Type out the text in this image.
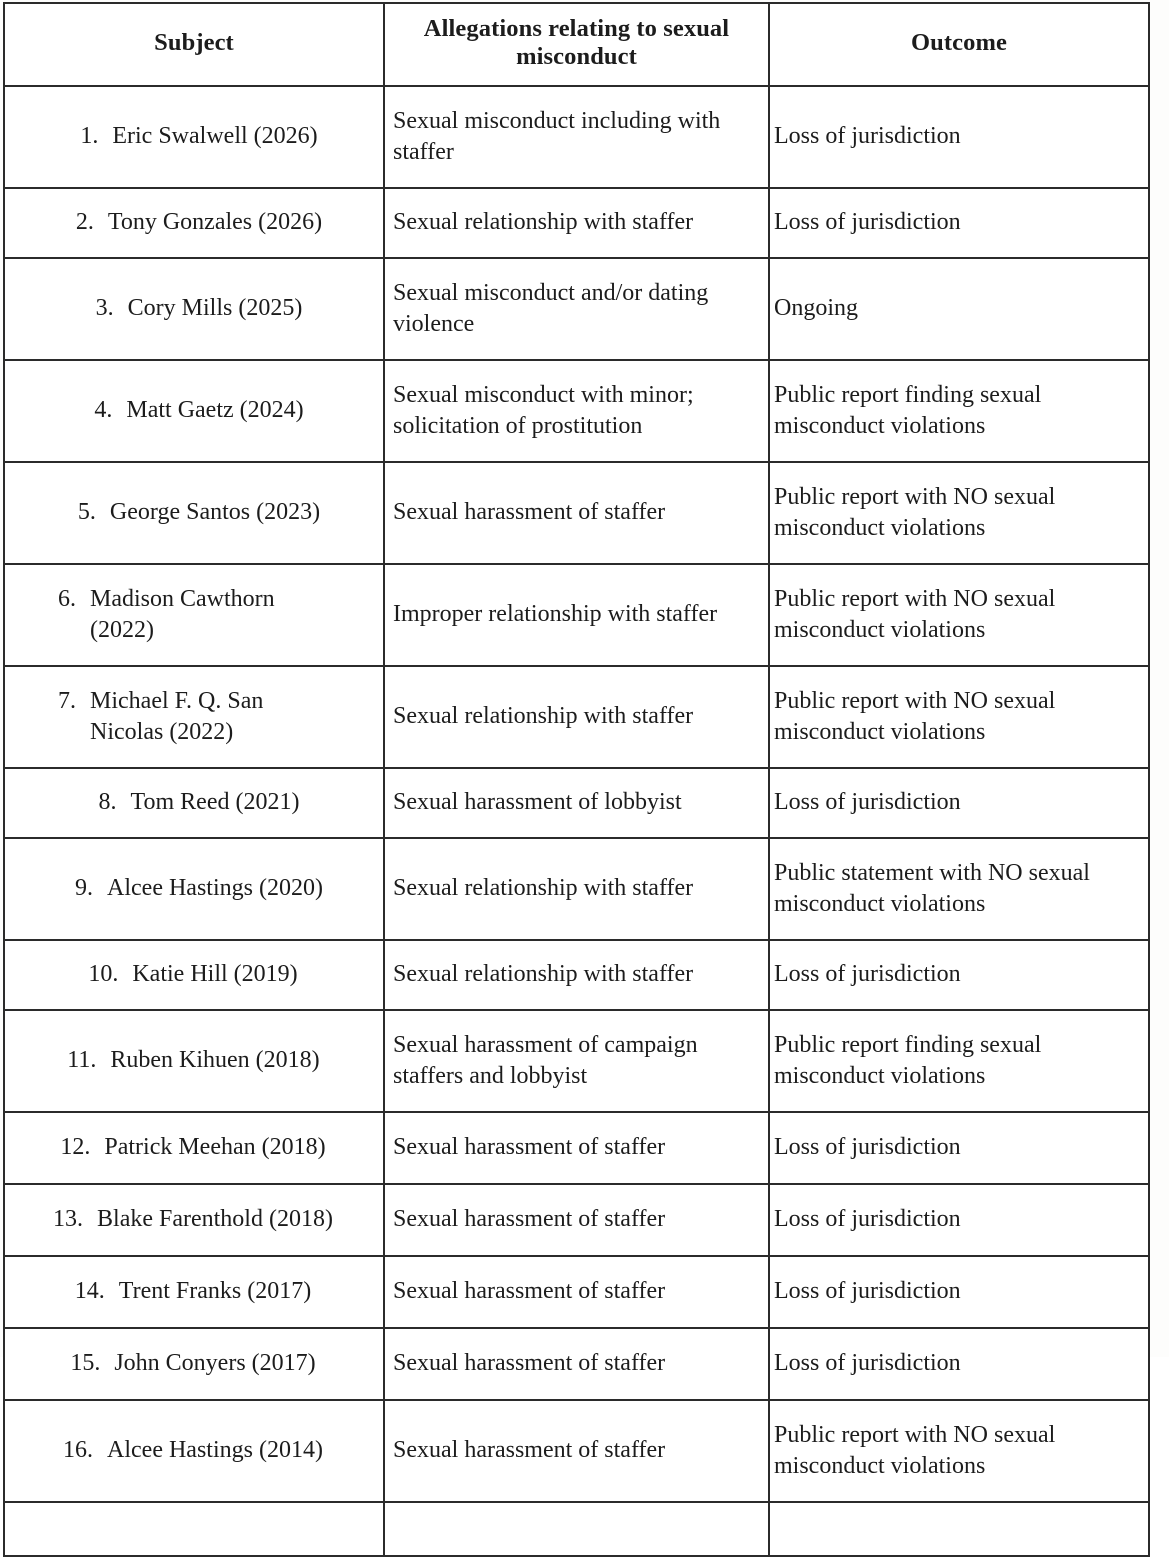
Subject	Allegations relating to sexual misconduct	Outcome

1. Eric Swalwell (2026)	Sexual misconduct including with staffer	Loss of jurisdiction

2. Tony Gonzales (2026)	Sexual relationship with staffer	Loss of jurisdiction

3. Cory Mills (2025)	Sexual misconduct and/or dating violence	Ongoing

4. Matt Gaetz (2024)	Sexual misconduct with minor; solicitation of prostitution	Public report finding sexual misconduct violations

5. George Santos (2023)	Sexual harassment of staffer	Public report with NO sexual misconduct violations

6. Madison Cawthorn (2022)	Improper relationship with staffer	Public report with NO sexual misconduct violations

7. Michael F. Q. San Nicolas (2022)	Sexual relationship with staffer	Public report with NO sexual misconduct violations

8. Tom Reed (2021)	Sexual harassment of lobbyist	Loss of jurisdiction

9. Alcee Hastings (2020)	Sexual relationship with staffer	Public statement with NO sexual misconduct violations

10. Katie Hill (2019)	Sexual relationship with staffer	Loss of jurisdiction

11. Ruben Kihuen (2018)	Sexual harassment of campaign staffers and lobbyist	Public report finding sexual misconduct violations

12. Patrick Meehan (2018)	Sexual harassment of staffer	Loss of jurisdiction

13. Blake Farenthold (2018)	Sexual harassment of staffer	Loss of jurisdiction

14. Trent Franks (2017)	Sexual harassment of staffer	Loss of jurisdiction

15. John Conyers (2017)	Sexual harassment of staffer	Loss of jurisdiction

16. Alcee Hastings (2014)	Sexual harassment of staffer	Public report with NO sexual misconduct violations
